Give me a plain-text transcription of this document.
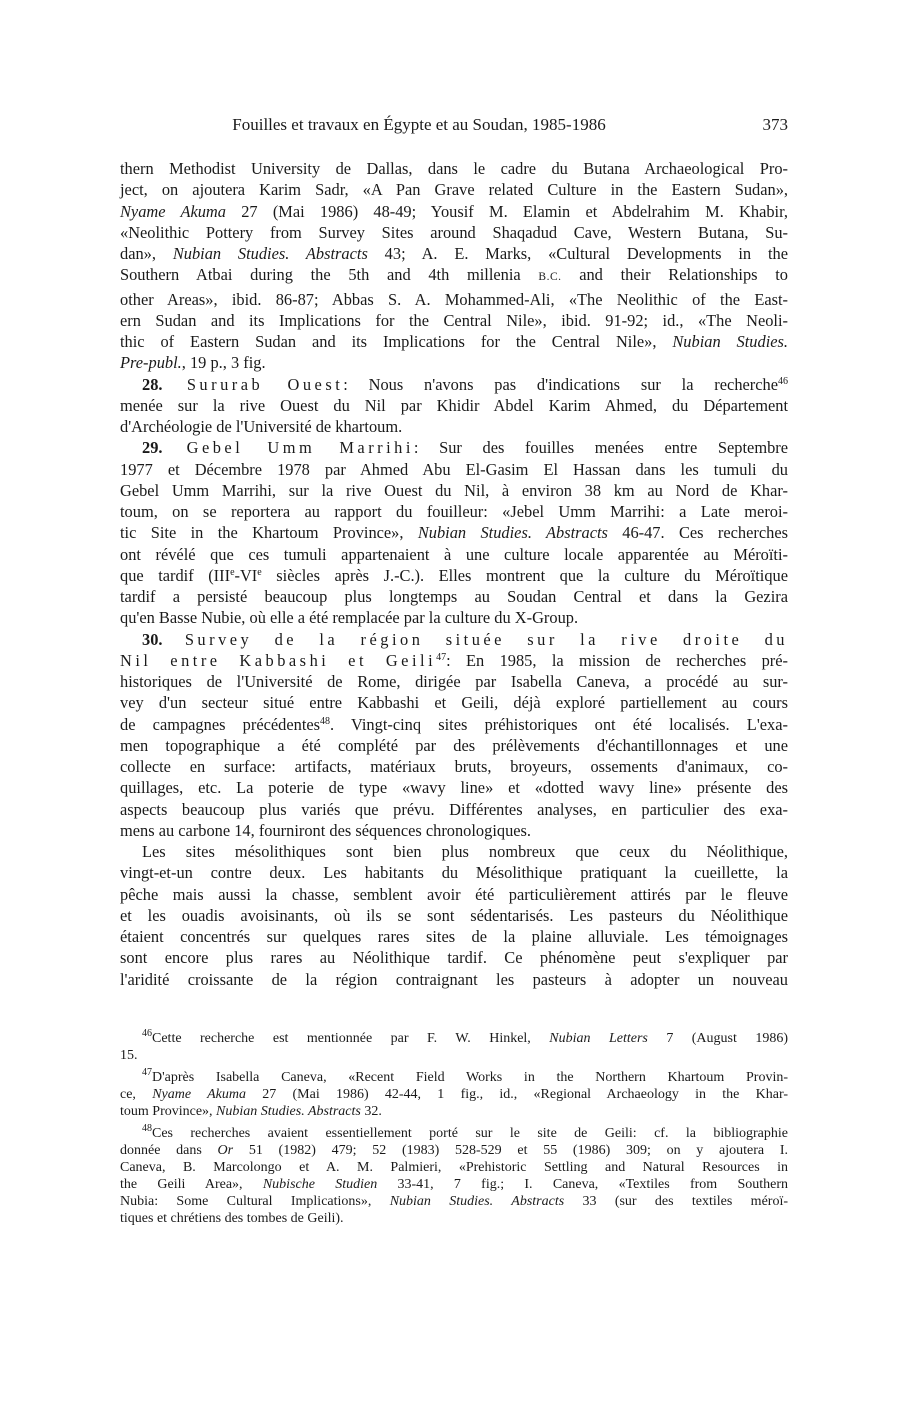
Fouilles et travaux en Égypte et au Soudan, 1985-1986	373
thern Methodist University de Dallas, dans le cadre du Butana Archaeological Pro-
ject, on ajoutera Karim Sadr, «A Pan Grave related Culture in the Eastern Sudan»,
Nyame Akuma 27 (Mai 1986) 48-49; Yousif M. Elamin et Abdelrahim M. Khabir,
«Neolithic Pottery from Survey Sites around Shaqadud Cave, Western Butana, Su-
dan», Nubian Studies. Abstracts 43; A. E. Marks, «Cultural Developments in the
Southern Atbai during the 5th and 4th millenia B.C. and their Relationships to
other Areas», ibid. 86-87; Abbas S. A. Mohammed-Ali, «The Neolithic of the East-
ern Sudan and its Implications for the Central Nile», ibid. 91-92; id., «The Neoli-
thic of Eastern Sudan and its Implications for the Central Nile», Nubian Studies.
Pre-publ., 19 p., 3 fig.
28. Sururab Ouest: Nous n'avons pas d'indications sur la recherche$^{46}$
menée sur la rive Ouest du Nil par Khidir Abdel Karim Ahmed, du Département
d'Archéologie de l'Université de khartoum.
29. Gebel Umm Marrihi: Sur des fouilles menées entre Septembre
1977 et Décembre 1978 par Ahmed Abu El-Gasim El Hassan dans les tumuli du
Gebel Umm Marrihi, sur la rive Ouest du Nil, à environ 38 km au Nord de Khar-
toum, on se reportera au rapport du fouilleur: «Jebel Umm Marrihi: a Late meroi-
tic Site in the Khartoum Province», Nubian Studies. Abstracts 46-47. Ces recherches
ont révélé que ces tumuli appartenaient à une culture locale apparentée au Méroïti-
que tardif (IIIe-VIe siècles après J.-C.). Elles montrent que la culture du Méroïtique
tardif a persisté beaucoup plus longtemps au Soudan Central et dans la Gezira
qu'en Basse Nubie, où elle a été remplacée par la culture du X-Group.
30. Survey de la région située sur la rive droite du
Nil entre Kabbashi et Geili$^{47}$: En 1985, la mission de recherches pré-
historiques de l'Université de Rome, dirigée par Isabella Caneva, a procédé au sur-
vey d'un secteur situé entre Kabbashi et Geili, déjà exploré partiellement au cours
de campagnes précédentes$^{48}$. Vingt-cinq sites préhistoriques ont été localisés. L'exa-
men topographique a été complété par des prélèvements d'échantillonnages et une
collecte en surface: artifacts, matériaux bruts, broyeurs, ossements d'animaux, co-
quillages, etc. La poterie de type «wavy line» et «dotted wavy line» présente des
aspects beaucoup plus variés que prévu. Différentes analyses, en particulier des exa-
mens au carbone 14, fourniront des séquences chronologiques.
Les sites mésolithiques sont bien plus nombreux que ceux du Néolithique,
vingt-et-un contre deux. Les habitants du Mésolithique pratiquant la cueillette, la
pêche mais aussi la chasse, semblent avoir été particulièrement attirés par le fleuve
et les ouadis avoisinants, où ils se sont sédentarisés. Les pasteurs du Néolithique
étaient concentrés sur quelques rares sites de la plaine alluviale. Les témoignages
sont encore plus rares au Néolithique tardif. Ce phénomène peut s'expliquer par
l'aridité croissante de la région contraignant les pasteurs à adopter un nouveau
$^{46}$Cette recherche est mentionnée par F. W. Hinkel, Nubian Letters 7 (August 1986)
15.
$^{47}$D'après Isabella Caneva, «Recent Field Works in the Northern Khartoum Provin-
ce, Nyame Akuma 27 (Mai 1986) 42-44, 1 fig., id., «Regional Archaeology in the Khar-
toum Province», Nubian Studies. Abstracts 32.
$^{48}$Ces recherches avaient essentiellement porté sur le site de Geili: cf. la bibliographie
donnée dans Or 51 (1982) 479; 52 (1983) 528-529 et 55 (1986) 309; on y ajoutera I.
Caneva, B. Marcolongo et A. M. Palmieri, «Prehistoric Settling and Natural Resources in
the Geili Area», Nubische Studien 33-41, 7 fig.; I. Caneva, «Textiles from Southern
Nubia: Some Cultural Implications», Nubian Studies. Abstracts 33 (sur des textiles méroï-
tiques et chrétiens des tombes de Geili).
